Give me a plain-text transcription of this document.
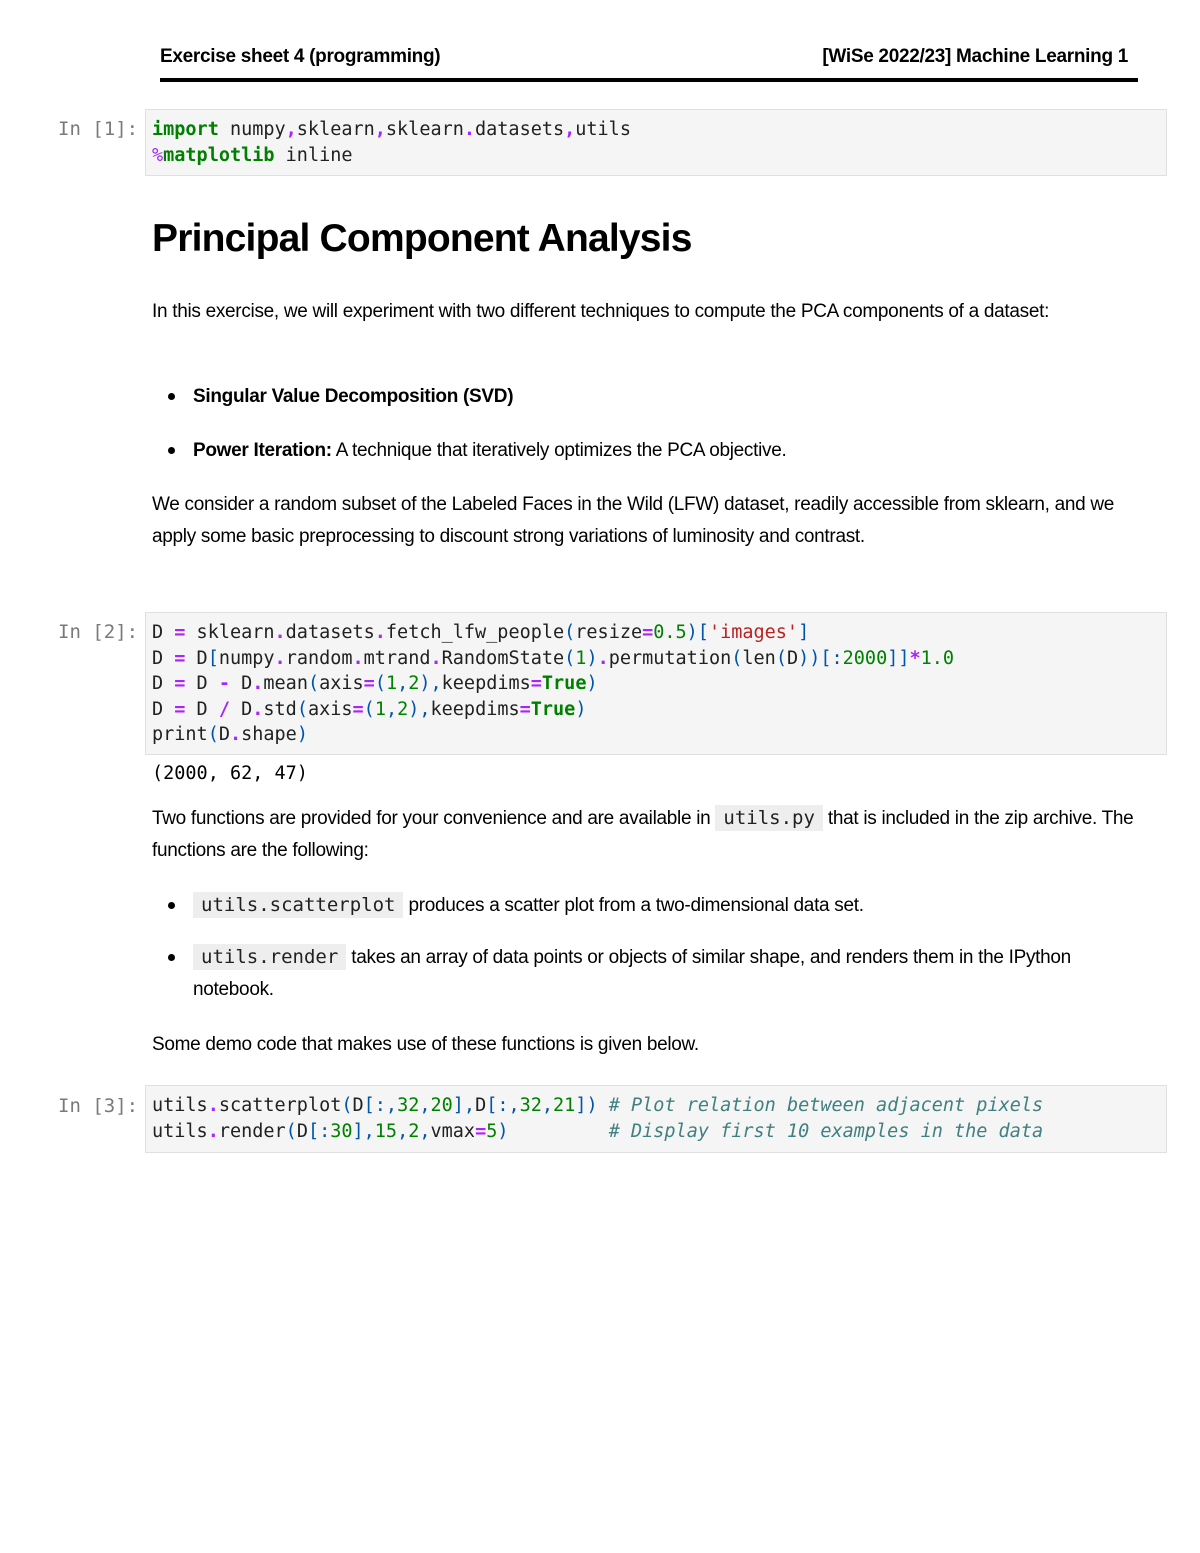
Exercise sheet 4 (programming)	[WiSe 2022/23] Machine Learning 1
In [1]: import numpy,sklearn,sklearn.datasets,utils
%matplotlib inline
Principal Component Analysis
In this exercise, we will experiment with two different techniques to compute the PCA components of a dataset:
Singular Value Decomposition (SVD)
Power Iteration: A technique that iteratively optimizes the PCA objective.
We consider a random subset of the Labeled Faces in the Wild (LFW) dataset, readily accessible from sklearn, and we apply some basic preprocessing to discount strong variations of luminosity and contrast.
In [2]: D = sklearn.datasets.fetch_lfw_people(resize=0.5)['images']
D = D[numpy.random.mtrand.RandomState(1).permutation(len(D))[:2000]]*1.0
D = D - D.mean(axis=(1,2),keepdims=True)
D = D / D.std(axis=(1,2),keepdims=True)
print(D.shape)
(2000, 62, 47)
Two functions are provided for your convenience and are available in utils.py that is included in the zip archive. The functions are the following:
utils.scatterplot produces a scatter plot from a two-dimensional data set.
utils.render takes an array of data points or objects of similar shape, and renders them in the IPython notebook.
Some demo code that makes use of these functions is given below.
In [3]: utils.scatterplot(D[:,32,20],D[:,32,21]) # Plot relation between adjacent pixels
utils.render(D[:30],15,2,vmax=5)	# Display first 10 examples in the data
